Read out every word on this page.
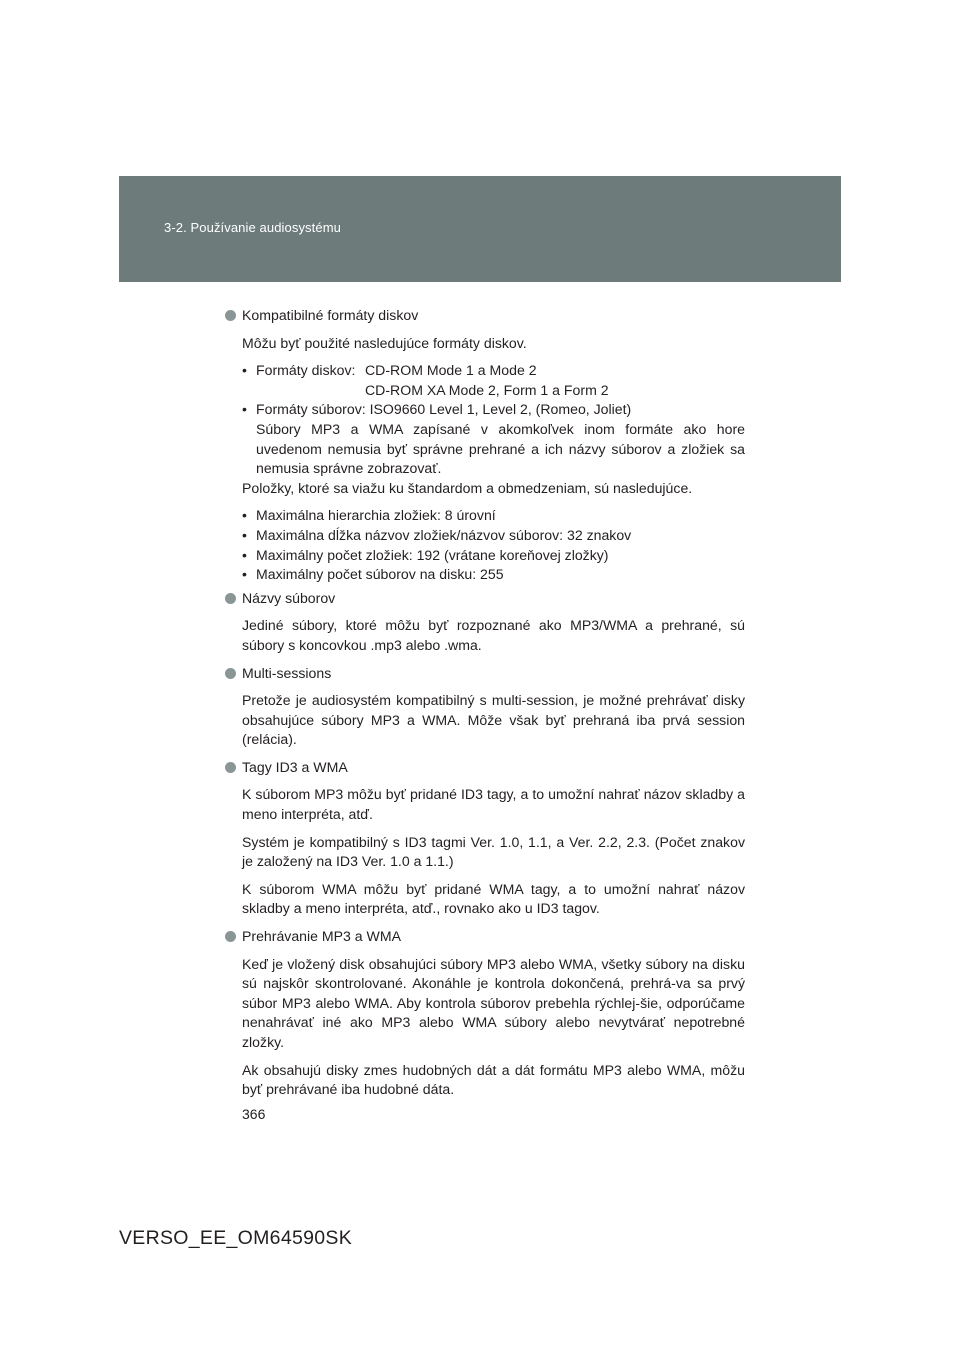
3-2. Používanie audiosystému
Kompatibilné formáty diskov
Môžu byť použité nasledujúce formáty diskov.
• Formáty diskov: CD-ROM Mode 1 a Mode 2
CD-ROM XA Mode 2, Form 1 a Form 2
• Formáty súborov: ISO9660 Level 1, Level 2, (Romeo, Joliet)
Súbory MP3 a WMA zapísané v akomkoľvek inom formáte ako hore uvedenom nemusia byť správne prehrané a ich názvy súborov a zložiek sa nemusia správne zobrazovať.
Položky, ktoré sa viažu ku štandardom a obmedzeniam, sú nasledujúce.
• Maximálna hierarchia zložiek: 8 úrovní
• Maximálna dĺžka názvov zložiek/názvov súborov: 32 znakov
• Maximálny počet zložiek: 192 (vrátane koreňovej zložky)
• Maximálny počet súborov na disku: 255
Názvy súborov
Jediné súbory, ktoré môžu byť rozpoznané ako MP3/WMA a prehrané, sú súbory s koncovkou .mp3 alebo .wma.
Multi-sessions
Pretože je audiosystém kompatibilný s multi-session, je možné prehrávať disky obsahujúce súbory MP3 a WMA. Môže však byť prehraná iba prvá session (relácia).
Tagy ID3 a WMA
K súborom MP3 môžu byť pridané ID3 tagy, a to umožní nahrať názov skladby a meno interpréta, atď.
Systém je kompatibilný s ID3 tagmi Ver. 1.0, 1.1, a Ver. 2.2, 2.3. (Počet znakov je založený na ID3 Ver. 1.0 a 1.1.)
K súborom WMA môžu byť pridané WMA tagy, a to umožní nahrať názov skladby a meno interpréta, atď., rovnako ako u ID3 tagov.
Prehrávanie MP3 a WMA
Keď je vložený disk obsahujúci súbory MP3 alebo WMA, všetky súbory na disku sú najskôr skontrolované. Akonáhle je kontrola dokončená, prehrá-va sa prvý súbor MP3 alebo WMA. Aby kontrola súborov prebehla rýchlej-šie, odporúčame nenahrávať iné ako MP3 alebo WMA súbory alebo nevytvárať nepotrebné zložky.
Ak obsahujú disky zmes hudobných dát a dát formátu MP3 alebo WMA, môžu byť prehrávané iba hudobné dáta.
366
VERSO_EE_OM64590SK
